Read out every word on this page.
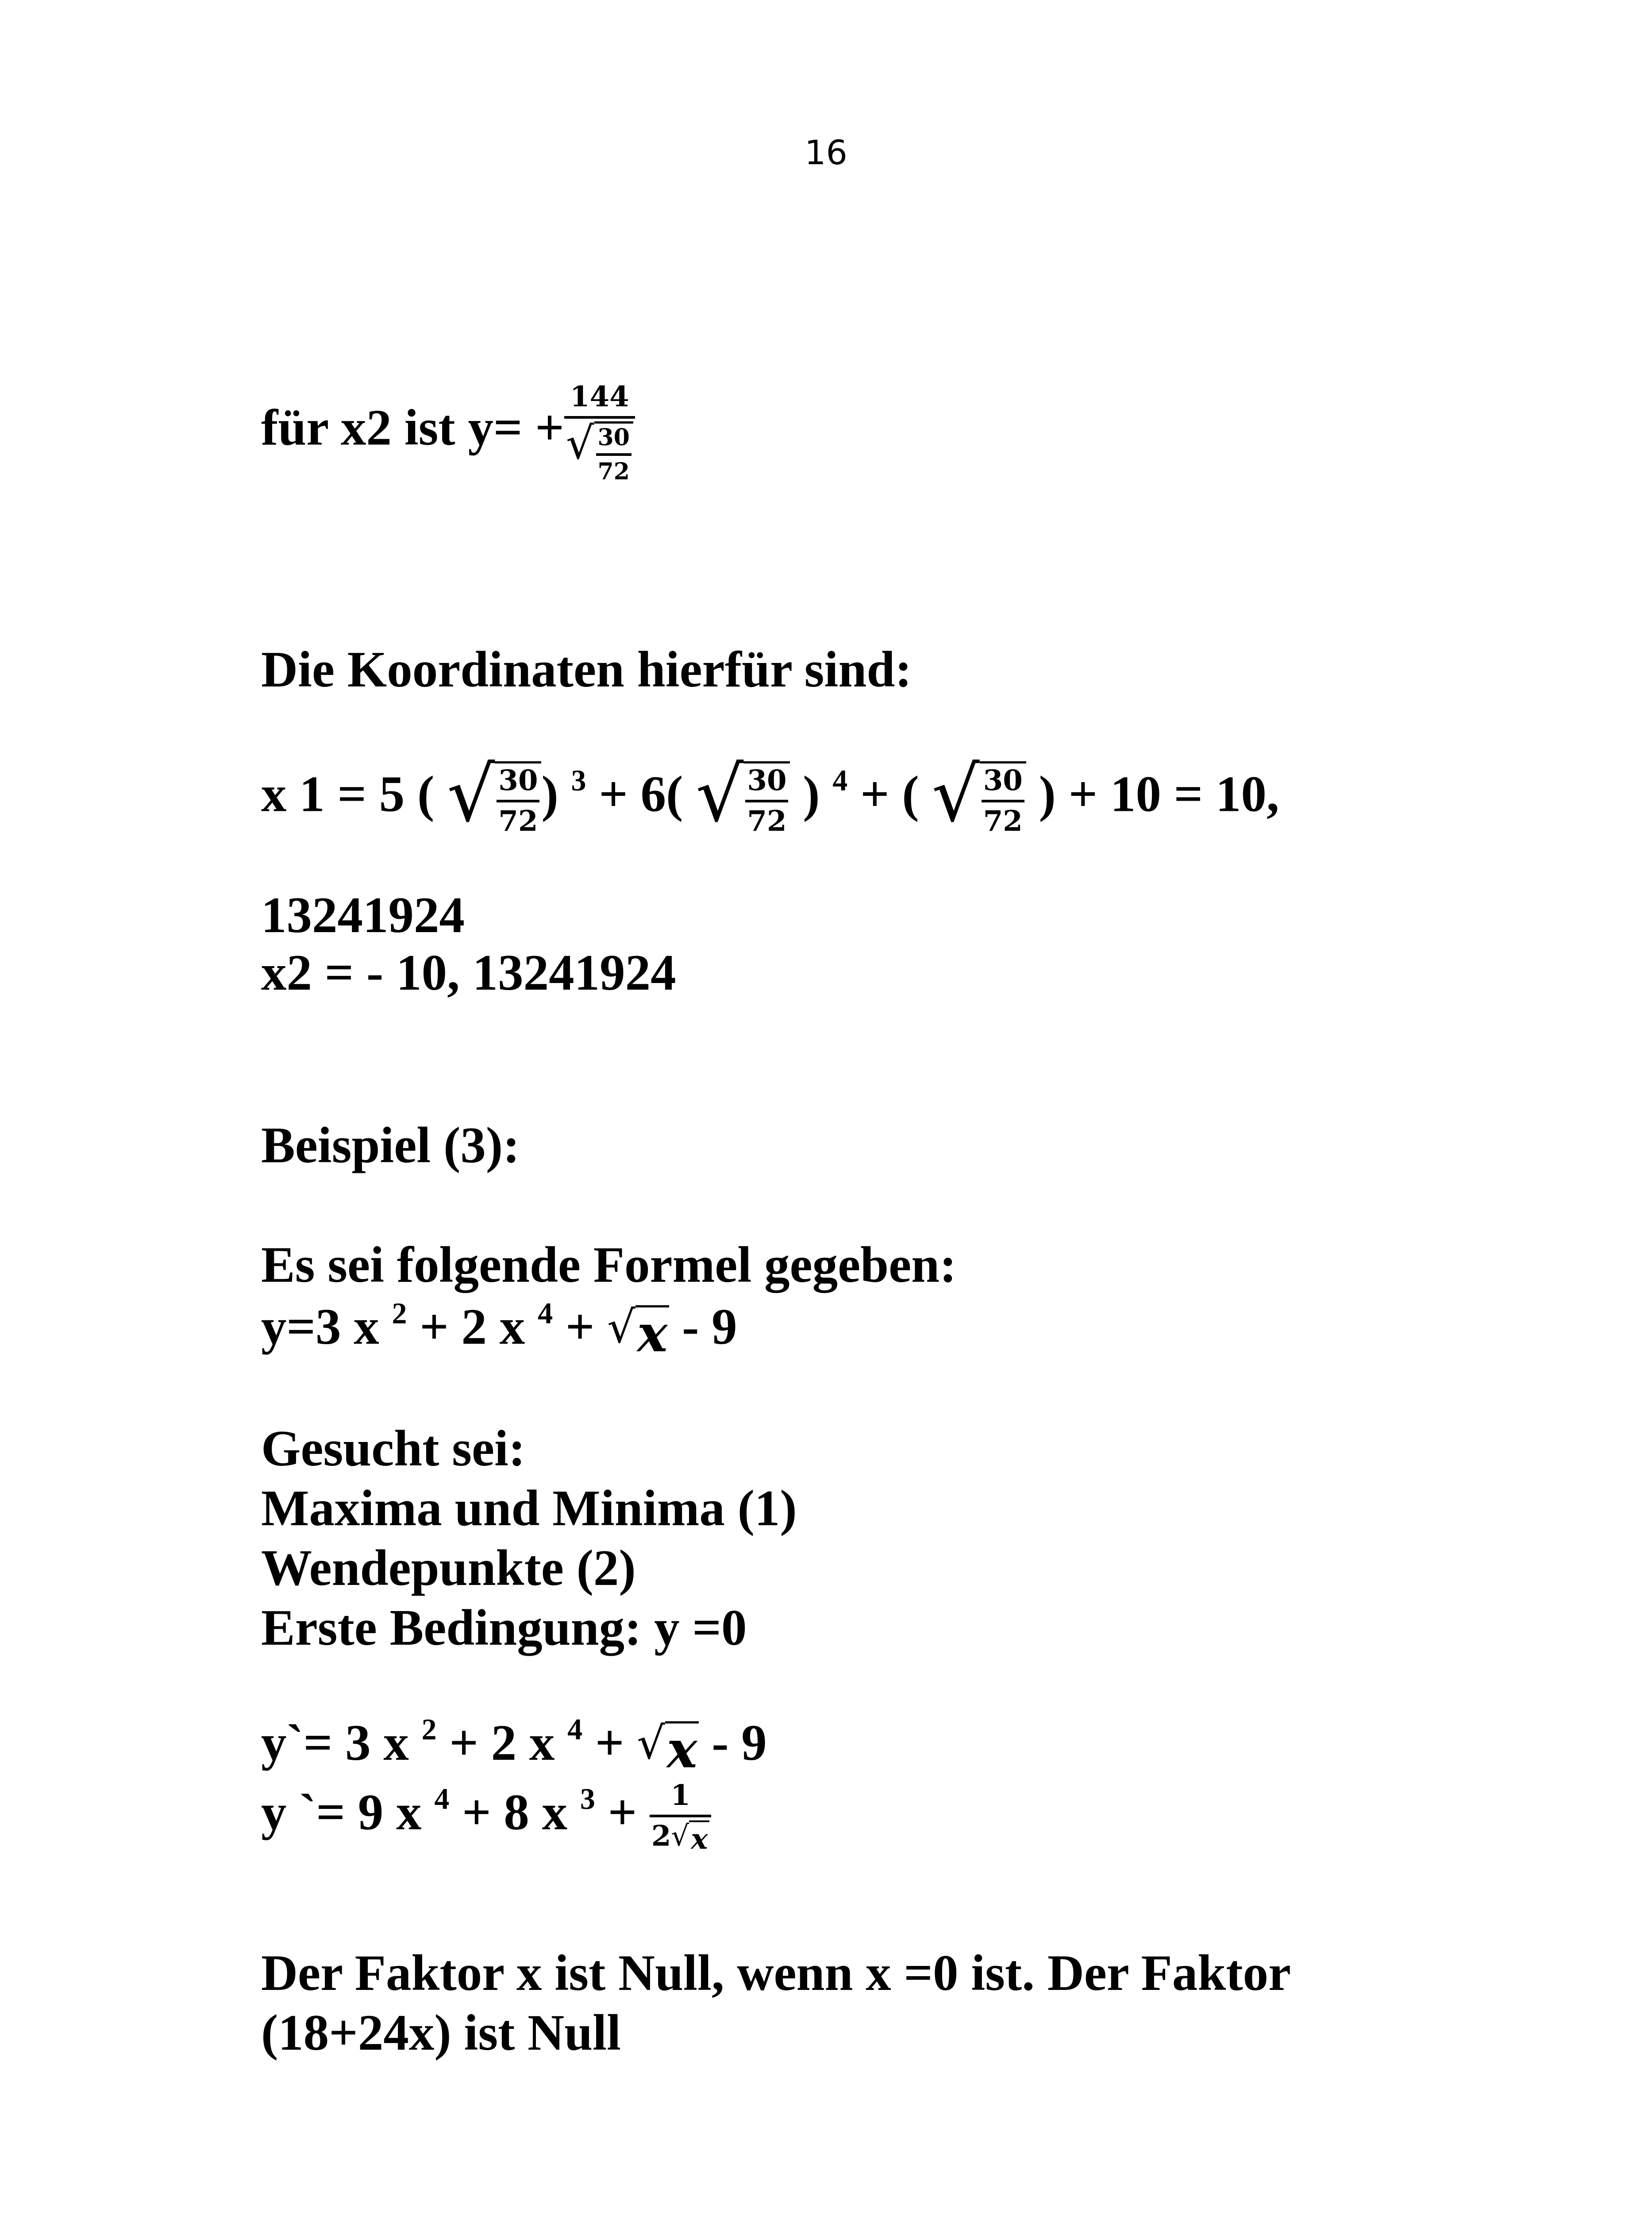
16
für x2 ist $y= + \frac{144}{√ \frac{30}{72}}$
Die Koordinaten hierfür sind:
x 1 = 5 ( √ $\frac{30}{72}$ ) $^3$ + 6( √ $\frac{30}{72}$ ) $^4$ + ( √ $\frac{30}{72}$ ) + 10 = 10,
13241924
x2 = - 10, 13241924
Beispiel (3):
Es sei folgende Formel gegeben:
y=3 x $^2$ + 2 x $^4$ + √ x - 9
Gesucht sei:
Maxima und Minima (1)
Wendepunkte (2)
Erste Bedingung: y =0
y`= 3 x $^2$ + 2 x $^4$ + √ x - 9
y `= 9 x $^4$ + 8 x $^3 + \frac{1}{2 √ x}$
Der Faktor x ist Null, wenn x =0 ist. Der Faktor
(18+24x) ist Null
